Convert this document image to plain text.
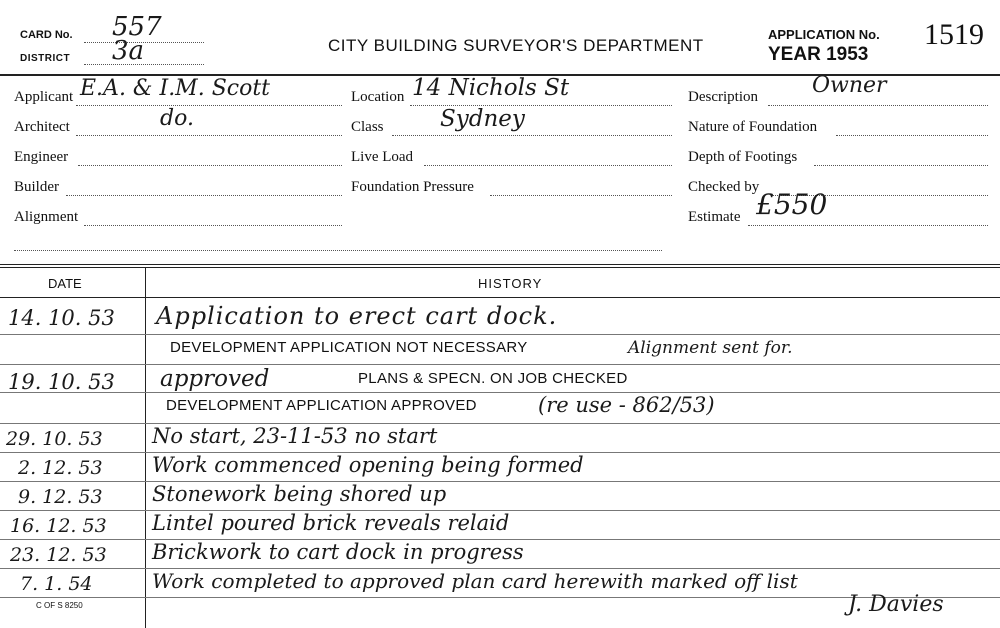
CARD No. 557
DISTRICT 3a	CITY BUILDING SURVEYOR'S DEPARTMENT
APPLICATION No. 1519
YEAR 1953
Applicant E.A. & I.M. Scott
Architect	do.
Engineer
Builder
Alignment
Location 14 Nichols St
Class Sydney
Live Load
Foundation Pressure
Description Owner
Nature of Foundation
Depth of Footings
Checked by
Estimate £550
DATE	HISTORY
14. 10. 53 Application to erect cart dock.
DEVELOPMENT APPLICATION NOT NECESSARY	Alignment sent for.
19. 10. 53 approved	PLANS & SPECN. ON JOB CHECKED
DEVELOPMENT APPLICATION APPROVED	(re use - 862/53)
29. 10. 53 No start, 23-11-53 no start
2. 12. 53 Work commenced opening being formed
9. 12. 53 Stonework being shored up
16. 12. 53 Lintel poured brick reveals relaid
23. 12. 53 Brickwork to cart dock in progress
7. 1. 54	Work completed to approved plan card herewith marked off list
J. Davies
C OF S 8250
